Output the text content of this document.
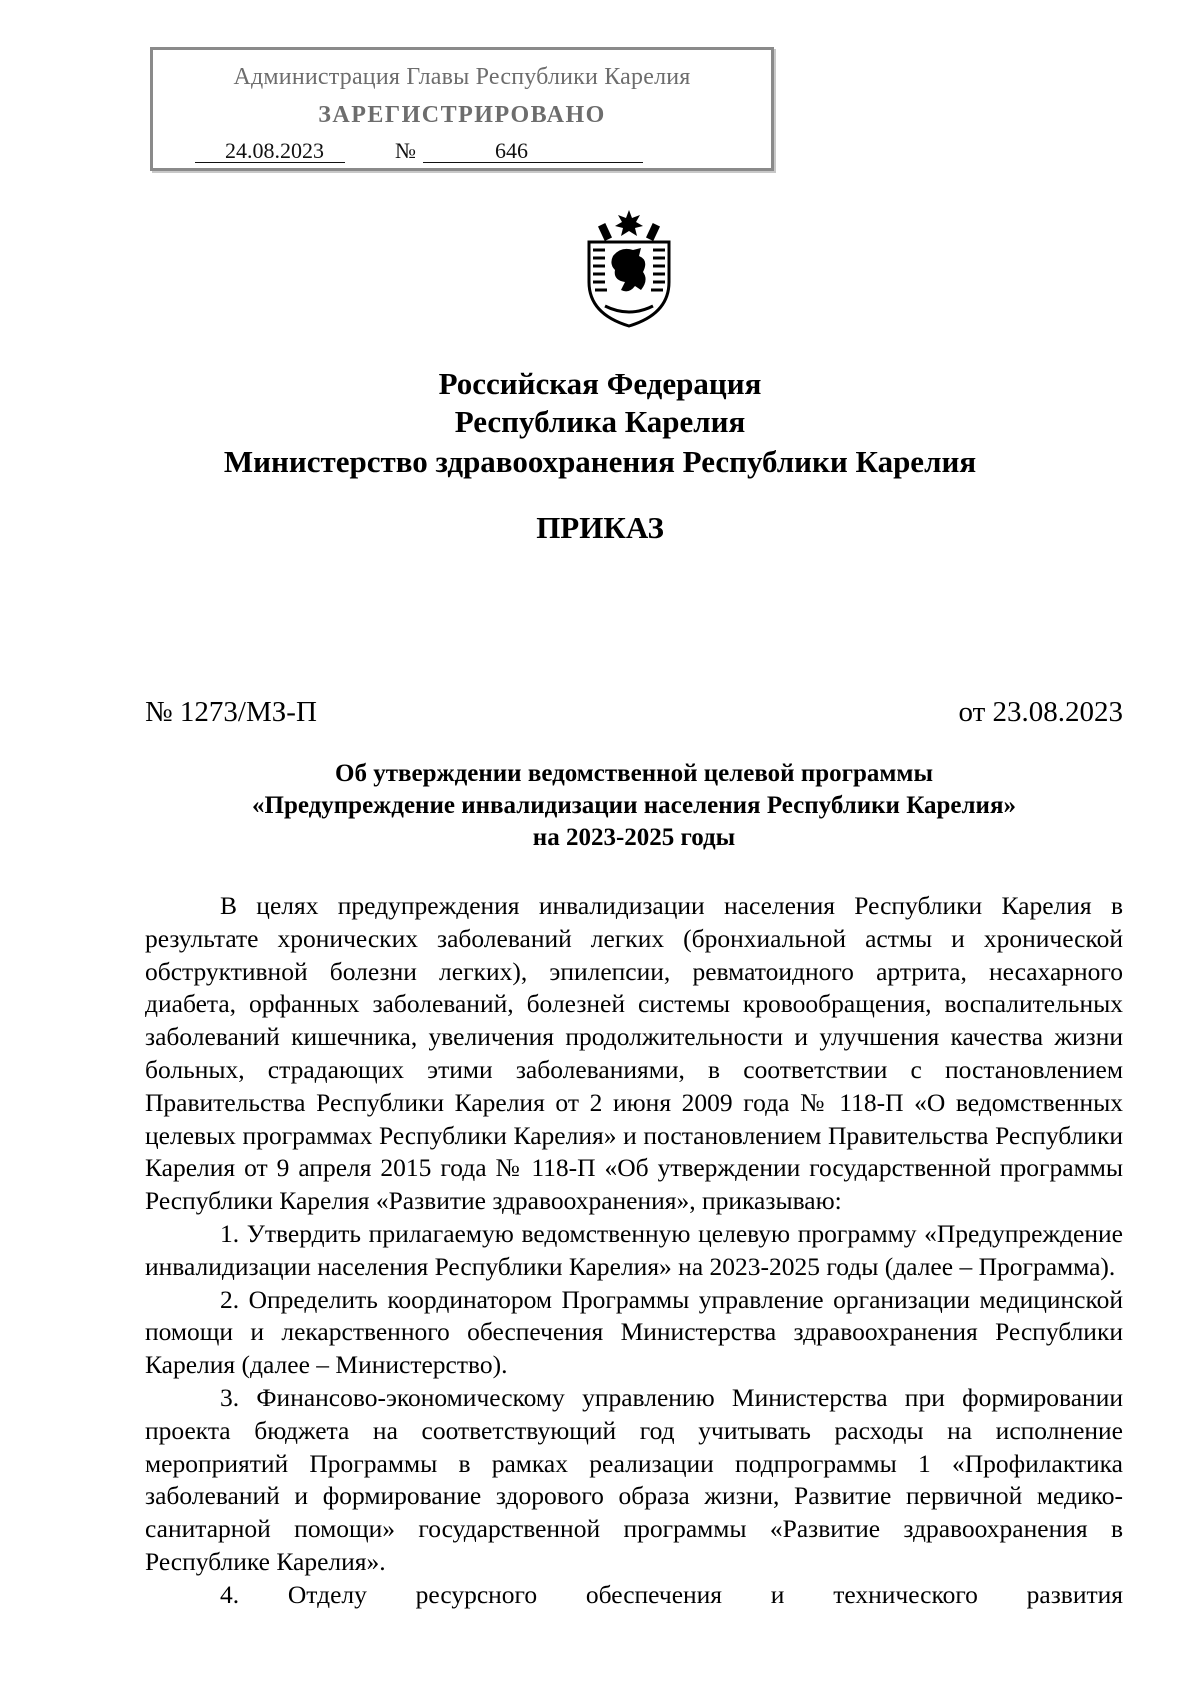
Администрация Главы Республики Карелия
ЗАРЕГИСТРИРОВАНО

24.08.2023

	№

	646

Российская Федерация
Республика Карелия
Министерство здравоохранения Республики Карелия
ПРИКАЗ
№ 1273/МЗ-П	от 23.08.2023
Об утверждении ведомственной целевой программы
«Предупреждение инвалидизации населения Республики Карелия»
на 2023-2025 годы

В целях предупреждения инвалидизации населения Республики Карелия в результате хронических заболеваний легких (бронхиальной астмы и хронической обструктивной болезни легких), эпилепсии, ревматоидного артрита, несахарного диабета, орфанных заболеваний, болезней системы кровообращения, воспалительных заболеваний кишечника, увеличения продолжительности и улучшения качества жизни больных, страдающих этими заболеваниями, в соответствии с постановлением Правительства Республики Карелия от 2 июня 2009 года № 118-П «О ведомственных целевых программах Республики Карелия» и постановлением Правительства Республики Карелия от 9 апреля 2015 года № 118-П «Об утверждении государственной программы Республики Карелия «Развитие здравоохранения», приказываю:

1. Утвердить прилагаемую ведомственную целевую программу «Предупреждение инвалидизации населения Республики Карелия» на 2023-2025 годы (далее – Программа).

2. Определить координатором Программы управление организации медицинской помощи и лекарственного обеспечения Министерства здравоохранения Республики Карелия (далее – Министерство).

3. Финансово-экономическому управлению Министерства при формировании проекта бюджета на соответствующий год учитывать расходы на исполнение мероприятий Программы в рамках реализации подпрограммы 1 «Профилактика заболеваний и формирование здорового образа жизни, Развитие первичной медико-санитарной помощи» государственной программы «Развитие здравоохранения в Республике Карелия».

4. Отделу ресурсного обеспечения и технического развития
